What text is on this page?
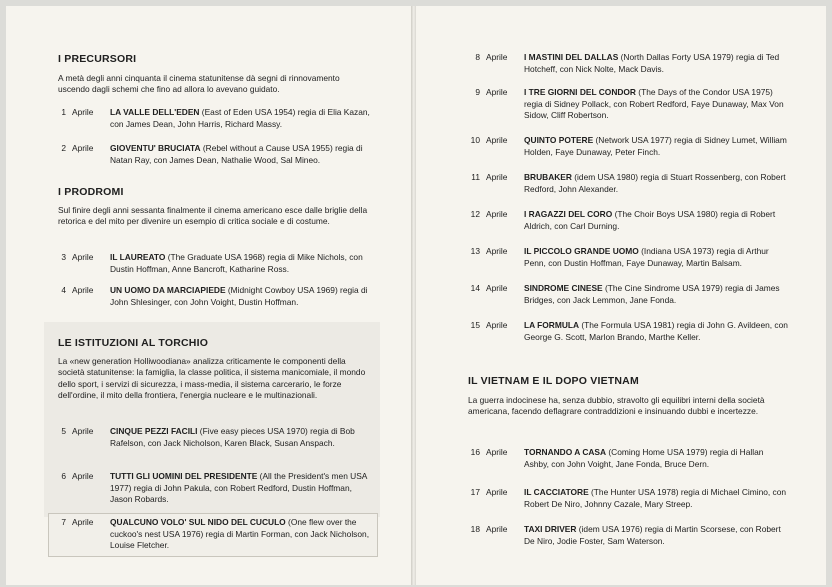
I PRECURSORI

A metà degli anni cinquanta il cinema statunitense dà segni di rinnovamento uscendo dagli schemi che fino ad allora lo avevano guidato.

1 Aprile	LA VALLE DELL'EDEN (East of Eden USA 1954) regia di Elia Kazan, con James Dean, John Harris, Richard Massy.
2 Aprile	GIOVENTU' BRUCIATA (Rebel without a Cause USA 1955) regia di Natan Ray, con James Dean, Nathalie Wood, Sal Mineo.
I PRODROMI

Sul finire degli anni sessanta finalmente il cinema americano esce dalle briglie della retorica e del mito per divenire un esempio di critica sociale e di costume.

3 Aprile	IL LAUREATO (The Graduate USA 1968) regia di Mike Nichols, con Dustin Hoffman, Anne Bancroft, Katharine Ross.
4 Aprile	UN UOMO DA MARCIAPIEDE (Midnight Cowboy USA 1969) regia di John Shlesinger, con John Voight, Dustin Hoffman.
LE ISTITUZIONI AL TORCHIO

La «new generation Holliwoodiana» analizza criticamente le componenti della società statunitense: la famiglia, la classe politica, il sistema manicomiale, il mondo dello sport, i servizi di sicurezza, i mass-media, il sistema carcerario, le forze dell'ordine, il mito della frontiera, l'energia nucleare e le multinazionali.

5 Aprile	CINQUE PEZZI FACILI (Five easy pieces USA 1970) regia di Bob Rafelson, con Jack Nicholson, Karen Black, Susan Anspach.
6 Aprile	TUTTI GLI UOMINI DEL PRESIDENTE (All the President's men USA 1977) regia di John Pakula, con Robert Redford, Dustin Hoffman, Jason Robards.
7 Aprile	QUALCUNO VOLO' SUL NIDO DEL CUCULO (One flew over the cuckoo's nest USA 1976) regia di Martin Forman, con Jack Nicholson, Louise Fletcher.
8 Aprile	I MASTINI DEL DALLAS (North Dallas Forty USA 1979) regia di Ted Hotcheff, con Nick Nolte, Mack Davis.
9 Aprile	I TRE GIORNI DEL CONDOR (The Days of the Condor USA 1975) regia di Sidney Pollack, con Robert Redford, Faye Dunaway, Max Von Sidow, Cliff Robertson.
10 Aprile	QUINTO POTERE (Network USA 1977) regia di Sidney Lumet, William Holden, Faye Dunaway, Peter Finch.
11 Aprile	BRUBAKER (idem USA 1980) regia di Stuart Rossenberg, con Robert Redford, John Alexander.
12 Aprile	I RAGAZZI DEL CORO (The Choir Boys USA 1980) regia di Robert Aldrich, con Carl Durning.
13 Aprile	IL PICCOLO GRANDE UOMO (Indiana USA 1973) regia di Arthur Penn, con Dustin Hoffman, Faye Dunaway, Martin Balsam.
14 Aprile	SINDROME CINESE (The Cine Sindrome USA 1979) regia di James Bridges, con Jack Lemmon, Jane Fonda.
15 Aprile	LA FORMULA (The Formula USA 1981) regia di John G. Avildeen, con George G. Scott, Marlon Brando, Marthe Keller.
IL VIETNAM E IL DOPO VIETNAM

La guerra indocinese ha, senza dubbio, stravolto gli equilibri interni della società americana, facendo deflagrare contraddizioni e insinuando dubbi e incertezze.

16 Aprile	TORNANDO A CASA (Coming Home USA 1979) regia di Hallan Ashby, con John Voight, Jane Fonda, Bruce Dern.
17 Aprile	IL CACCIATORE (The Hunter USA 1978) regia di Michael Cimino, con Robert De Niro, Johnny Cazale, Mary Streep.
18 Aprile	TAXI DRIVER (idem USA 1976) regia di Martin Scorsese, con Robert De Niro, Jodie Foster, Sam Waterson.
